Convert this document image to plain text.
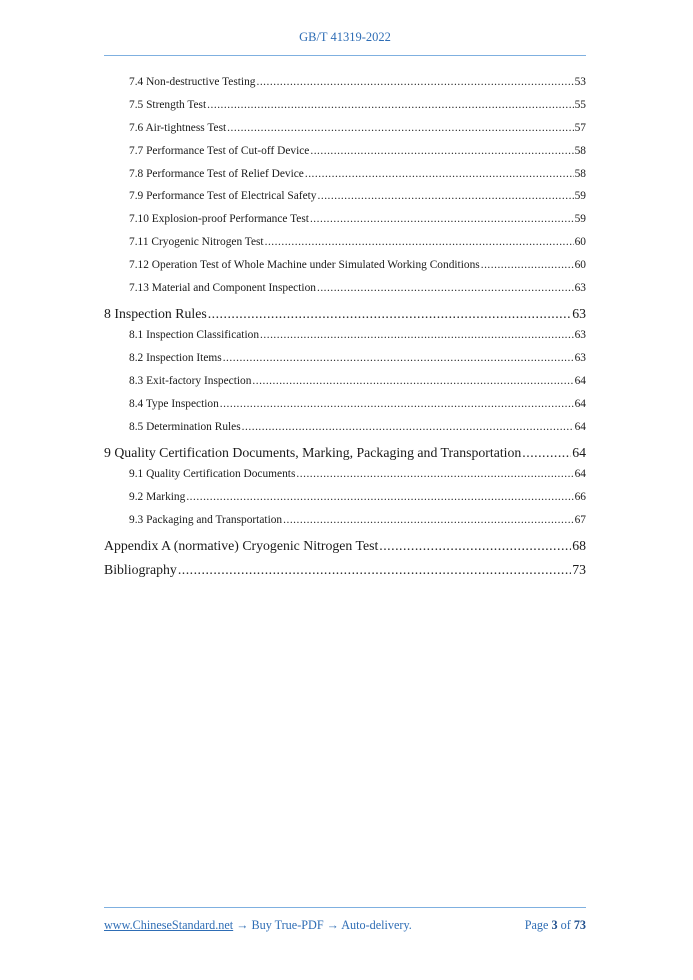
GB/T 41319-2022
7.4 Non-destructive Testing .....	53
7.5 Strength Test .....	55
7.6 Air-tightness Test .....	57
7.7 Performance Test of Cut-off Device .....	58
7.8 Performance Test of Relief Device .....	58
7.9 Performance Test of Electrical Safety .....	59
7.10 Explosion-proof Performance Test .....	59
7.11 Cryogenic Nitrogen Test .....	60
7.12 Operation Test of Whole Machine under Simulated Working Conditions .....	60
7.13 Material and Component Inspection .....	63
8 Inspection Rules .....	63
8.1 Inspection Classification .....	63
8.2 Inspection Items .....	63
8.3 Exit-factory Inspection .....	64
8.4 Type Inspection .....	64
8.5 Determination Rules .....	64
9 Quality Certification Documents, Marking, Packaging and Transportation .....	64
9.1 Quality Certification Documents .....	64
9.2 Marking .....	66
9.3 Packaging and Transportation .....	67
Appendix A (normative) Cryogenic Nitrogen Test .....	68
Bibliography .....	73
www.ChineseStandard.net → Buy True-PDF → Auto-delivery.	Page 3 of 73
